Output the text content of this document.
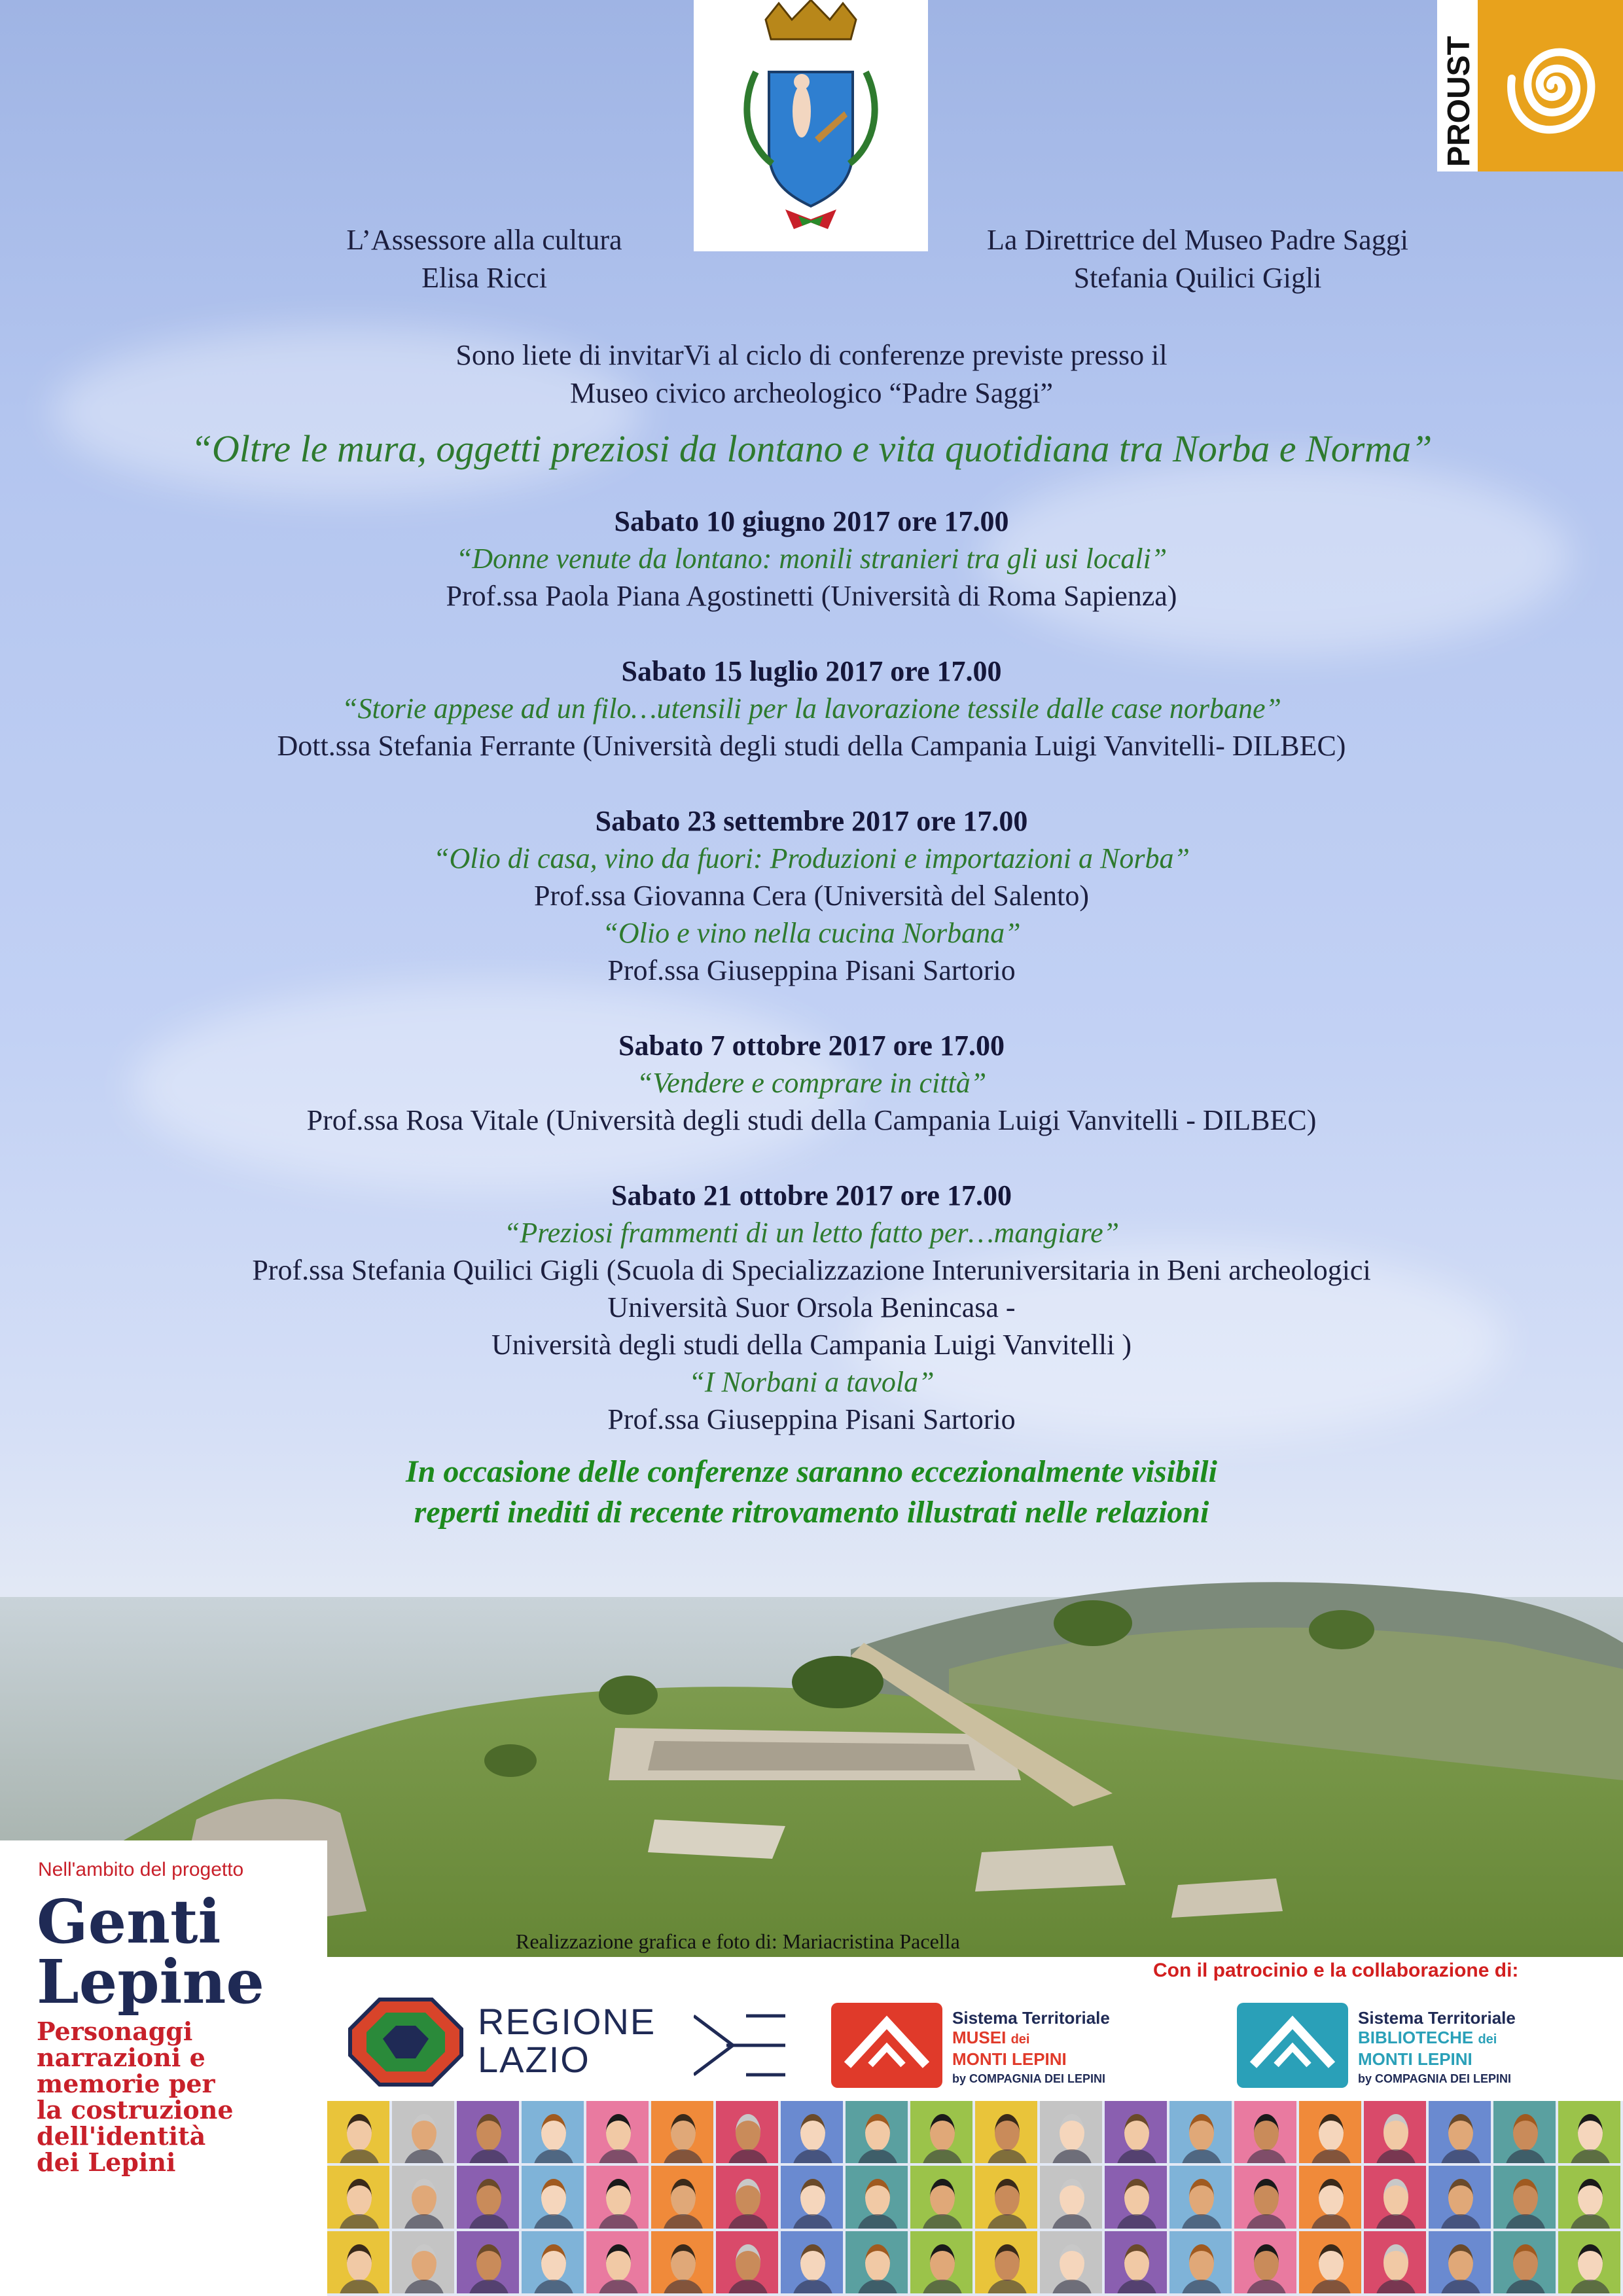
PROUST
L’Assessore alla cultura
Elisa Ricci
La Direttrice del Museo Padre Saggi
Stefania Quilici Gigli
Sono liete di invitarVi al ciclo di conferenze previste presso il
Museo civico archeologico “Padre Saggi”
“Oltre le mura, oggetti preziosi da lontano e vita quotidiana tra Norba e Norma”
Sabato 10 giugno 2017 ore 17.00
“Donne venute da lontano: monili stranieri tra gli usi locali”
Prof.ssa Paola Piana Agostinetti (Università di Roma Sapienza)
Sabato 15 luglio 2017 ore 17.00
“Storie appese ad un filo…utensili per la lavorazione tessile dalle case norbane”
Dott.ssa Stefania Ferrante (Università degli studi della Campania Luigi Vanvitelli- DILBEC)
Sabato 23 settembre 2017 ore 17.00
“Olio di casa, vino da fuori: Produzioni e importazioni a Norba”
Prof.ssa Giovanna Cera (Università del Salento)
“Olio e vino nella cucina Norbana”
Prof.ssa Giuseppina Pisani Sartorio
Sabato 7 ottobre 2017 ore 17.00
“Vendere e comprare in città”
Prof.ssa Rosa Vitale (Università degli studi della Campania Luigi Vanvitelli - DILBEC)
Sabato 21 ottobre 2017 ore 17.00
“Preziosi frammenti di un letto fatto per…mangiare”
Prof.ssa Stefania Quilici Gigli (Scuola di Specializzazione Interuniversitaria in Beni archeologici
Università Suor Orsola Benincasa -
Università degli studi della Campania Luigi Vanvitelli )
“I Norbani a tavola”
Prof.ssa Giuseppina Pisani Sartorio
In occasione delle conferenze saranno eccezionalmente visibili
reperti inediti di recente ritrovamento illustrati nelle relazioni
Nell'ambito del progetto
Genti
Lepine
Personaggi
narrazioni e
memorie per
la costruzione
dell'identità
dei Lepini
Realizzazione grafica e foto di: Mariacristina Pacella
REGIONE
LAZIO
Sistema Territoriale
MUSEI dei
MONTI LEPINI
by COMPAGNIA DEI LEPINI
Sistema Territoriale
BIBLIOTECHE dei
MONTI LEPINI
by COMPAGNIA DEI LEPINI
Con il patrocinio e la collaborazione di:
